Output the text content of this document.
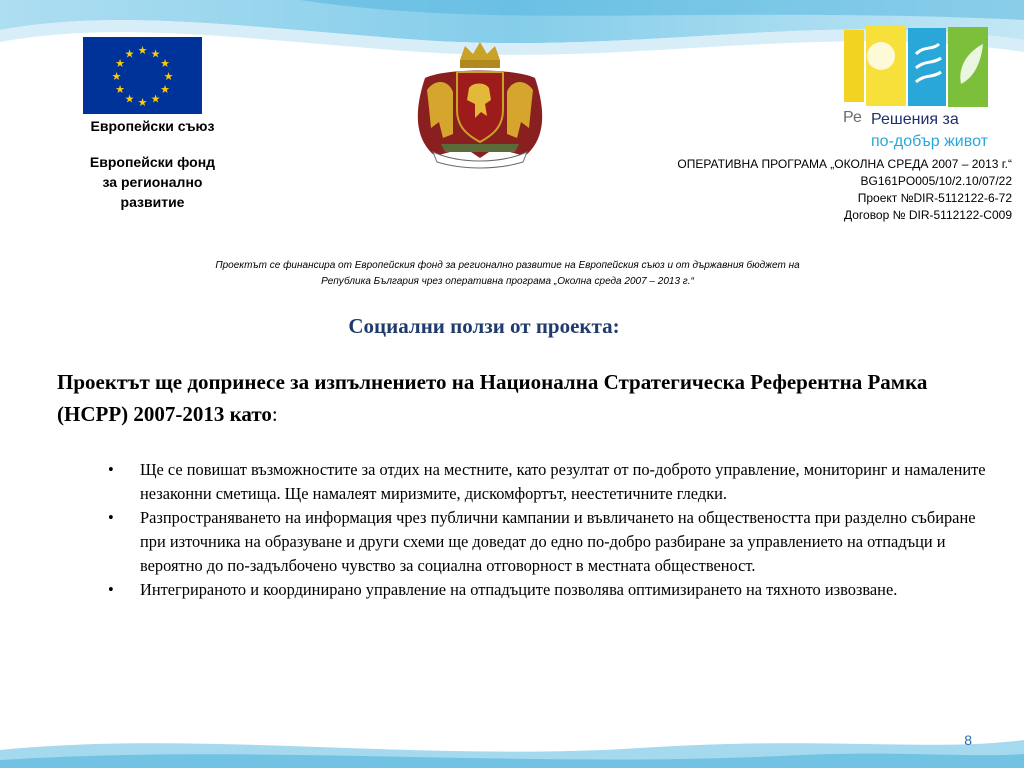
★ ★
★
★
★
★
★
★
★
★
★
★
Европейски съюз
Европейски фонд
за регионално
развитие
Ре Решения за
по-добър живот
ОПЕРАТИВНА ПРОГРАМА „ОКОЛНА СРЕДА 2007 – 2013 г.“
BG161PO005/10/2.10/07/22
Проект №DIR-5112122-6-72
Договор № DIR-5112122-С009
Проектът се финансира от Европейския фонд за регионално развитие на Европейския съюз и от държавния бюджет на
Република България чрез оперативна програма „Околна среда 2007 – 2013 г.“
Социални ползи от проекта:
Проектът ще допринесе за изпълнението на Национална Стратегическа Референтна Рамка (НСРР) 2007-2013 като:
• Ще се повишат възможностите за отдих на местните, като резултат от по-доброто управление, мониторинг и намалените незаконни сметища. Ще намалеят миризмите, дискомфортът, неестетичните гледки.
• Разпространяването на информация чрез публични кампании и въвличането на обществеността при разделно събиране при източника на образуване и други схеми ще доведат до едно по-добро разбиране за управлението на отпадъци и вероятно до по-задълбочено чувство за социална отговорност в местната общественост.
• Интегрираното и координирано управление на отпадъците позволява оптимизирането на тяхното извозване.
8
